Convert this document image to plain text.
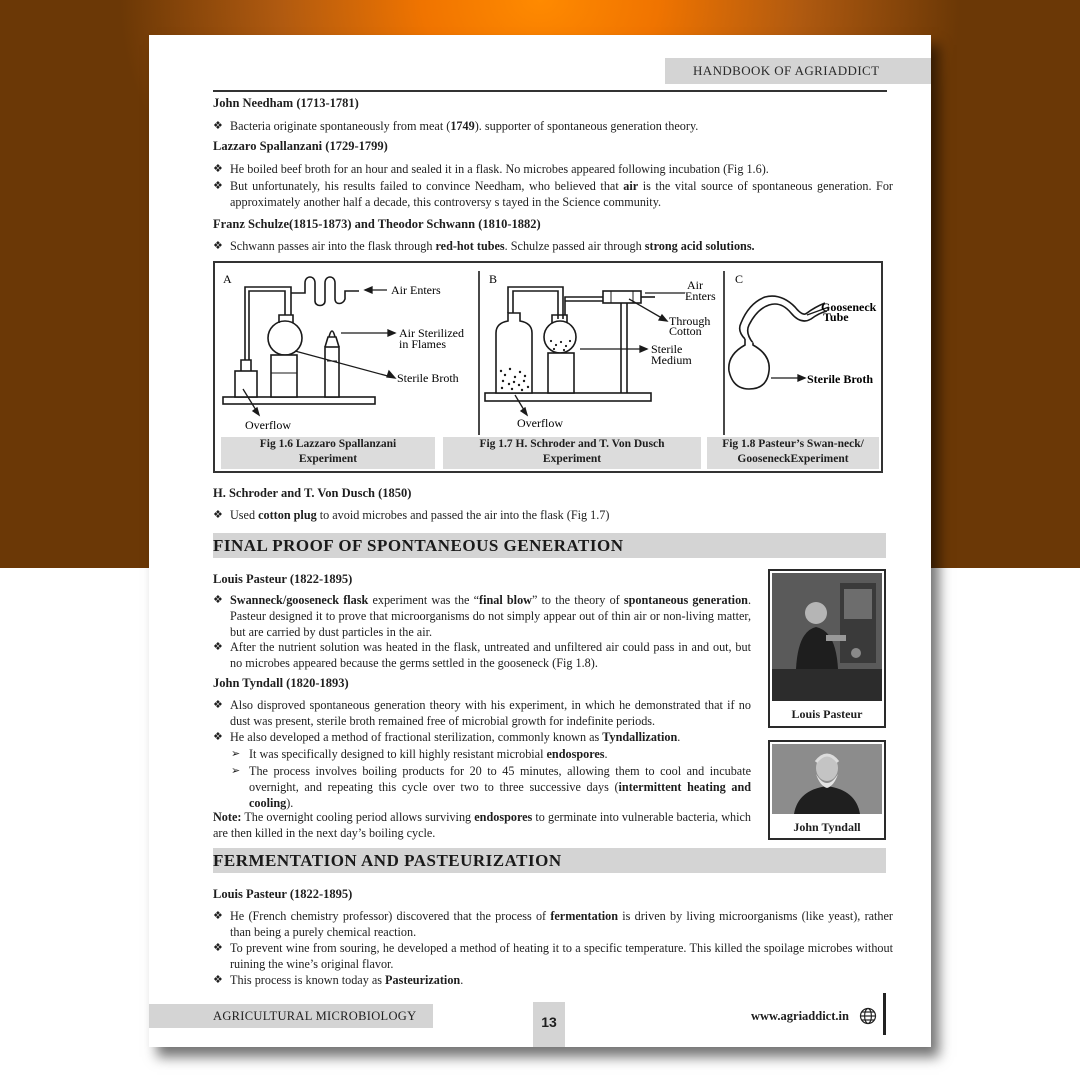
HANDBOOK OF AGRIADDICT
John Needham (1713-1781)
❖ Bacteria originate spontaneously from meat (1749). supporter of spontaneous generation theory.
Lazzaro Spallanzani (1729-1799)
❖ He boiled beef broth for an hour and sealed it in a flask. No microbes appeared following incubation (Fig 1.6).
❖ But unfortunately, his results failed to convince Needham, who believed that air is the vital source of spontaneous generation. For approximately another half a decade, this controversy s tayed in the Science community.
Franz Schulze(1815-1873) and Theodor Schwann (1810-1882)
❖ Schwann passes air into the flask through red-hot tubes. Schulze passed air through strong acid solutions.
A	B	C
Air Enters
Air Sterilized
in Flames
Sterile Broth
Overflow
Air
Enters
Through
Cotton
Sterile
Medium
Overflow
Gooseneck
Tube
Sterile Broth
Fig 1.6 Lazzaro Spallanzani
Experiment
Fig 1.7 H. Schroder and T. Von Dusch
Experiment
Fig 1.8 Pasteur’s Swan-neck/
GooseneckExperiment
H. Schroder and T. Von Dusch (1850)
❖ Used cotton plug to avoid microbes and passed the air into the flask (Fig 1.7)
FINAL PROOF OF SPONTANEOUS GENERATION
Louis Pasteur (1822-1895)
❖ Swanneck/gooseneck flask experiment was the “final blow” to the theory of spontaneous generation. Pasteur designed it to prove that microorganisms do not simply appear out of thin air or non-living matter, but are carried by dust particles in the air.
❖ After the nutrient solution was heated in the flask, untreated and unfiltered air could pass in and out, but no microbes appeared because the germs settled in the gooseneck (Fig 1.8).
John Tyndall (1820-1893)
❖ Also disproved spontaneous generation theory with his experiment, in which he demonstrated that if no dust was present, sterile broth remained free of microbial growth for indefinite periods.
❖ He also developed a method of fractional sterilization, commonly known as Tyndallization.
➢ It was specifically designed to kill highly resistant microbial endospores.
➢ The process involves boiling products for 20 to 45 minutes, allowing them to cool and incubate overnight, and repeating this cycle over two to three successive days (intermittent heating and cooling).
Note: The overnight cooling period allows surviving endospores to germinate into vulnerable bacteria, which are then killed in the next day’s boiling cycle.
Louis Pasteur
John Tyndall
FERMENTATION AND PASTEURIZATION
Louis Pasteur (1822-1895)
❖ He (French chemistry professor) discovered that the process of fermentation is driven by living microorganisms (like yeast), rather than being a purely chemical reaction.
❖ To prevent wine from souring, he developed a method of heating it to a specific temperature. This killed the spoilage microbes without ruining the wine’s original flavor.
❖ This process is known today as Pasteurization.
AGRICULTURAL MICROBIOLOGY	13	www.agriaddict.in
